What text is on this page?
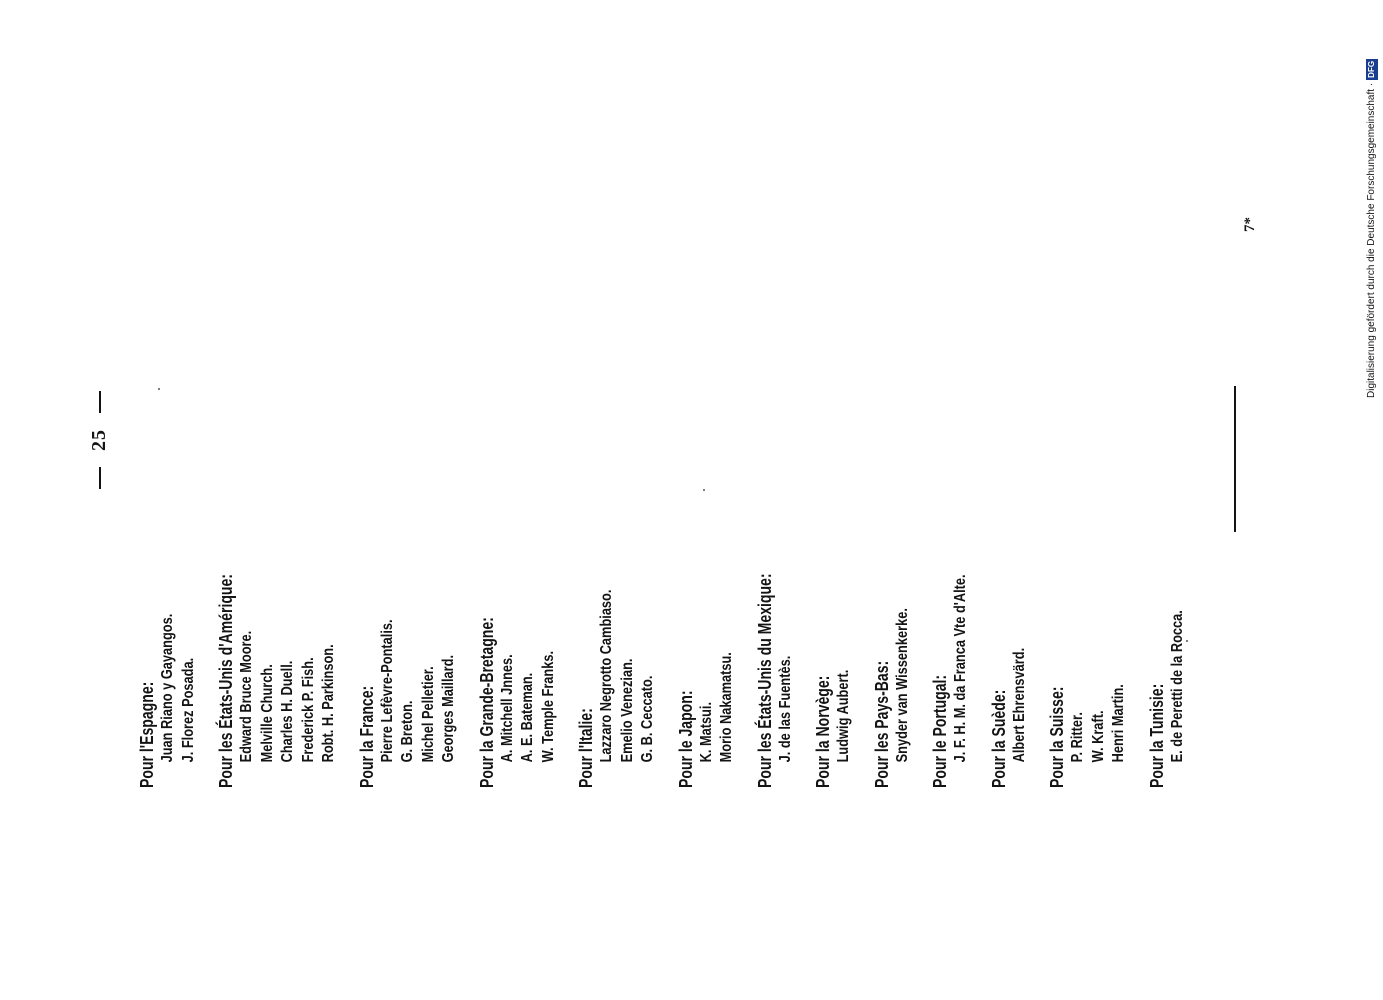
25
Pour l'Espagne: Juan Riano y Gayangos. J. Florez Posada. Pour les États-Unis d'Amérique: Edward Bruce Moore. Melville Church. Charles H. Duell. Frederick P. Fish. Robt. H. Parkinson. Pour la France: Pierre Lefèvre-Pontalis. G. Breton. Michel Pelletier. Georges Maillard. Pour la Grande-Bretagne: A. Mitchell Jnnes. A. E. Bateman. W. Temple Franks. Pour l'Italie: Lazzaro Negrotto Cambiaso. Emelio Venezian. G. B. Ceccato. Pour le Japon: K. Matsui. Morio Nakamatsu. Pour les États-Unis du Mexique: J. de las Fuentès. Pour la Norvège: Ludwig Aubert. Pour les Pays-Bas: Snyder van Wissenkerke. Pour le Portugal: J. F. H. M. da Franca Vte d'Alte. Pour la Suède: Albert Ehrensvärd. Pour la Suisse: P. Ritter. W. Kraft. Henri Martin. Pour la Tunisie: E. de Peretti de la Rocca.
7*	Digitalisierung gefördert durch die Deutsche Forschungsgemeinschaft ·DFG
